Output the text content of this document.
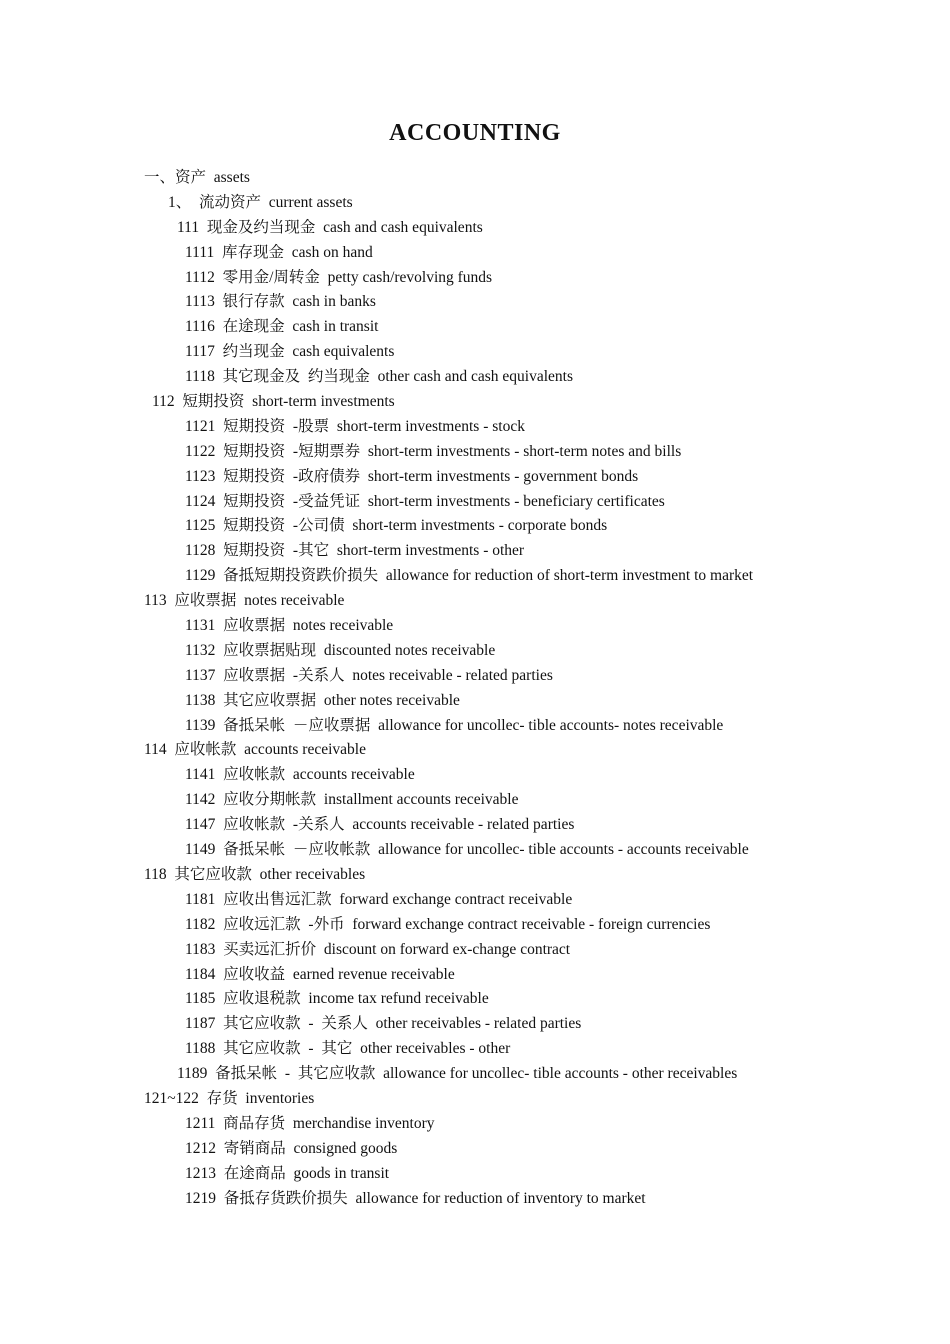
ACCOUNTING
一、资产  assets
1、  流动资产  current assets
111  现金及约当现金  cash and cash equivalents
1111  库存现金  cash on hand
1112  零用金/周转金  petty cash/revolving funds
1113  银行存款  cash in banks
1116  在途现金  cash in transit
1117  约当现金  cash equivalents
1118  其它现金及  约当现金  other cash and cash equivalents
112  短期投资  short-term investments
1121  短期投资  -股票  short-term investments - stock
1122  短期投资  -短期票券  short-term investments - short-term notes and bills
1123  短期投资  -政府债券  short-term investments - government bonds
1124  短期投资  -受益凭证  short-term investments - beneficiary certificates
1125  短期投资  -公司债  short-term investments - corporate bonds
1128  短期投资  -其它  short-term investments - other
1129  备抵短期投资跌价损失  allowance for reduction of short-term investment to market
113  应收票据  notes receivable
1131  应收票据  notes receivable
1132  应收票据贴现  discounted notes receivable
1137  应收票据  -关系人  notes receivable - related parties
1138  其它应收票据  other notes receivable
1139  备抵呆帐  －应收票据  allowance for uncollec- tible accounts- notes receivable
114  应收帐款  accounts receivable
1141  应收帐款  accounts receivable
1142  应收分期帐款  installment accounts receivable
1147  应收帐款  -关系人  accounts receivable - related parties
1149  备抵呆帐  －应收帐款  allowance for uncollec- tible accounts - accounts receivable
118  其它应收款  other receivables
1181  应收出售远汇款  forward exchange contract receivable
1182  应收远汇款  -外币  forward exchange contract receivable - foreign currencies
1183  买卖远汇折价  discount on forward ex-change contract
1184  应收收益  earned revenue receivable
1185  应收退税款  income tax refund receivable
1187  其它应收款  -  关系人  other receivables - related parties
1188  其它应收款  -  其它  other receivables - other
1189  备抵呆帐  -  其它应收款  allowance for uncollec- tible accounts - other receivables
121~122  存货  inventories
1211  商品存货  merchandise inventory
1212  寄销商品  consigned goods
1213  在途商品  goods in transit
1219  备抵存货跌价损失  allowance for reduction of inventory to market
